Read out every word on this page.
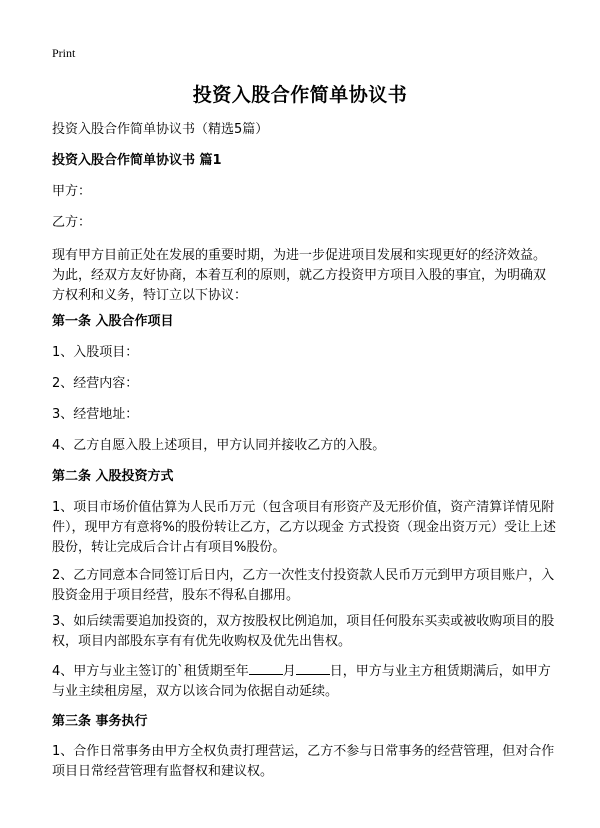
Print
投资入股合作简单协议书
投资入股合作简单协议书（精选5篇）
投资入股合作简单协议书 篇1
甲方：
乙方：
现有甲方目前正处在发展的重要时期，为进一步促进项目发展和实现更好的经济效益。为此，经双方友好协商，本着互利的原则，就乙方投资甲方项目入股的事宜，为明确双方权利和义务，特订立以下协议：
第一条 入股合作项目
1、入股项目：
2、经营内容：
3、经营地址：
4、乙方自愿入股上述项目，甲方认同并接收乙方的入股。
第二条 入股投资方式
1、项目市场价值估算为人民币万元（包含项目有形资产及无形价值，资产清算详情见附件），现甲方有意将%的股份转让乙方，乙方以现金 方式投资（现金出资万元）受让上述股份，转让完成后合计占有项目%股份。
2、乙方同意本合同签订后日内，乙方一次性支付投资款人民币万元到甲方项目账户，入股资金用于项目经营，股东不得私自挪用。
3、如后续需要追加投资的，双方按股权比例追加，项目任何股东买卖或被收购项目的股权，项目内部股东享有有优先收购权及优先出售权。
4、甲方与业主签订的`租赁期至年	月	日，甲方与业主方租赁期满后，如甲方与业主续租房屋，双方以该合同为依据自动延续。
第三条 事务执行
1、合作日常事务由甲方全权负责打理营运，乙方不参与日常事务的经营管理，但对合作项目日常经营管理有监督权和建议权。
